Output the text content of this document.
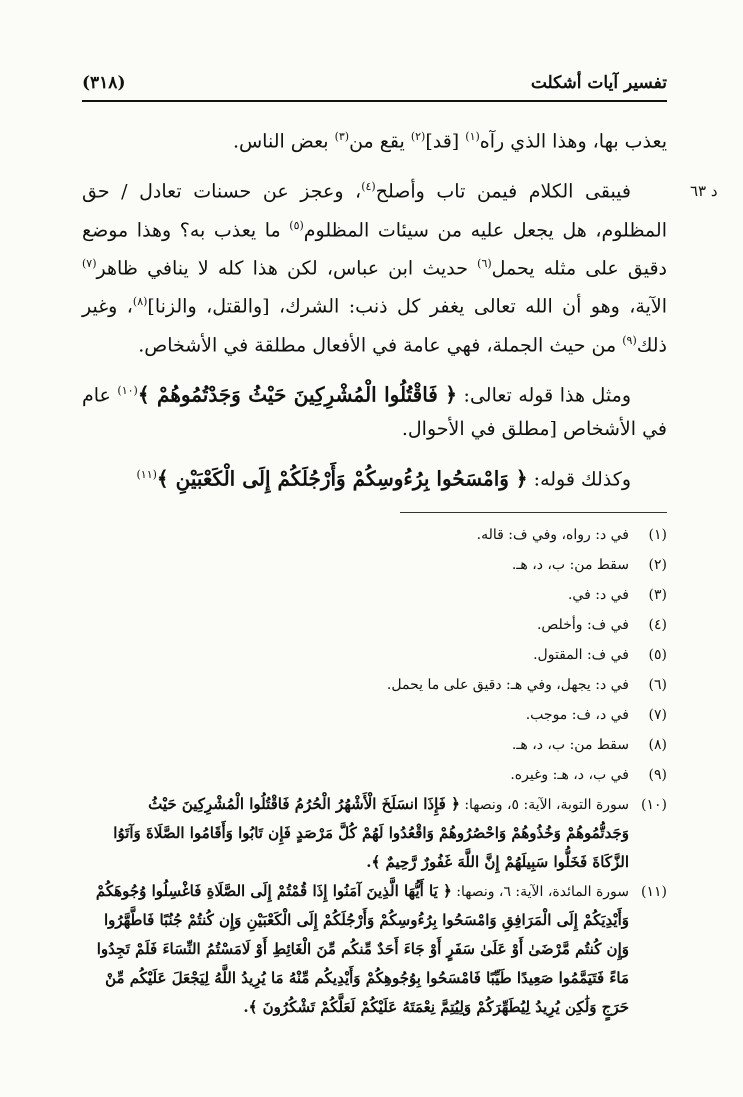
تفسير آيات أشكلت
(٣١٨)
د ٦٣

يعذب بها، وهذا الذي رآه$^{(١)}$ [قد]$^{(٢)}$ يقع من$^{(٣)}$ بعض الناس.

فيبقى الكلام فيمن تاب وأصلح$^{(٤)}$، وعجز عن حسنات تعادل / حق المظلوم، هل يجعل عليه من سيئات المظلوم$^{(٥)}$ ما يعذب به؟ وهذا موضع دقيق على مثله يحمل$^{(٦)}$ حديث ابن عباس، لكن هذا كله لا ينافي ظاهر$^{(٧)}$ الآية، وهو أن الله تعالى يغفر كل ذنب: الشرك، [والقتل، والزنا]$^{(٨)}$، وغير ذلك$^{(٩)}$ من حيث الجملة، فهي عامة في الأفعال مطلقة في الأشخاص.

ومثل هذا قوله تعالى: ﴿ فَاقْتُلُوا الْمُشْرِكِينَ حَيْثُ وَجَدْتُمُوهُمْ ﴾$^{(١٠)}$ عام في الأشخاص [مطلق في الأحوال.

وكذلك قوله: ﴿ وَامْسَحُوا بِرُءُوسِكُمْ وَأَرْجُلَكُمْ إِلَى الْكَعْبَيْنِ ﴾$^{(١١)}$

(١)
في د: رواه، وفي ف: قاله.
(٢)
سقط من: ب، د، هـ.
(٣)
في د: في.
(٤)
في ف: وأخلص.
(٥)
في ف: المقتول.
(٦)
في د: يجهل، وفي هـ: دقيق على ما يحمل.
(٧)
في د، ف: موجب.
(٨)
سقط من: ب، د، هـ.
(٩)
في ب، د، هـ: وغيره.
(١٠)
سورة التوبة، الآية: ٥، ونصها: ﴿ فَإِذَا انسَلَخَ الْأَشْهُرُ الْحُرُمُ فَاقْتُلُوا الْمُشْرِكِينَ حَيْثُ وَجَدتُّمُوهُمْ وَخُذُوهُمْ وَاحْصُرُوهُمْ وَاقْعُدُوا لَهُمْ كُلَّ مَرْصَدٍ فَإِن تَابُوا وَأَقَامُوا الصَّلَاةَ وَآتَوُا الزَّكَاةَ فَخَلُّوا سَبِيلَهُمْ إِنَّ اللَّهَ غَفُورٌ رَّحِيمٌ ﴾.
(١١)
سورة المائدة، الآية: ٦، ونصها: ﴿ يَا أَيُّهَا الَّذِينَ آمَنُوا إِذَا قُمْتُمْ إِلَى الصَّلَاةِ فَاغْسِلُوا وُجُوهَكُمْ وَأَيْدِيَكُمْ إِلَى الْمَرَافِقِ وَامْسَحُوا بِرُءُوسِكُمْ وَأَرْجُلَكُمْ إِلَى الْكَعْبَيْنِ وَإِن كُنتُمْ جُنُبًا فَاطَّهَّرُوا وَإِن كُنتُم مَّرْضَىٰ أَوْ عَلَىٰ سَفَرٍ أَوْ جَاءَ أَحَدٌ مِّنكُم مِّنَ الْغَائِطِ أَوْ لَامَسْتُمُ النِّسَاءَ فَلَمْ تَجِدُوا مَاءً فَتَيَمَّمُوا صَعِيدًا طَيِّبًا فَامْسَحُوا بِوُجُوهِكُمْ وَأَيْدِيكُم مِّنْهُ مَا يُرِيدُ اللَّهُ لِيَجْعَلَ عَلَيْكُم مِّنْ حَرَجٍ وَلَٰكِن يُرِيدُ لِيُطَهِّرَكُمْ وَلِيُتِمَّ نِعْمَتَهُ عَلَيْكُمْ لَعَلَّكُمْ تَشْكُرُونَ ﴾.
